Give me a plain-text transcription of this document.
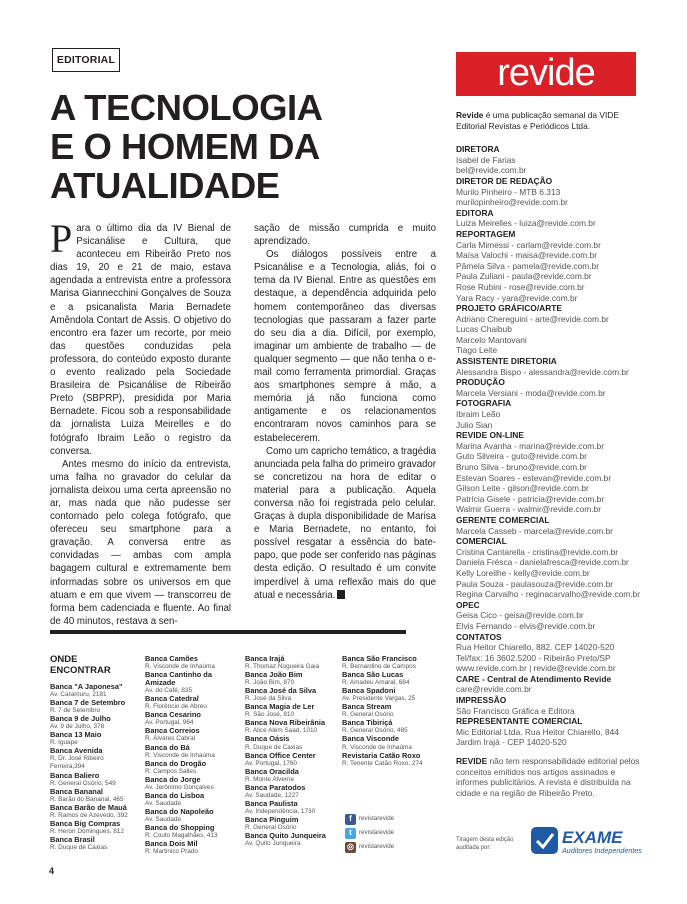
EDITORIAL
A TECNOLOGIA
E O HOMEM DA
ATUALIDADE

Para o último dia da IV Bienal de Psicanálise e Cultura, que aconteceu em Ribeirão Preto nos dias 19, 20 e 21 de maio, estava agendada a entrevista entre a professora Marisa Giannecchini Gonçalves de Souza e a psicanalista Maria Bernadete Amêndola Contart de Assis. O objetivo do encontro era fazer um recorte, por meio das questões conduzidas pela professora, do conteúdo exposto durante o evento realizado pela Sociedade Brasileira de Psicanálise de Ribeirão Preto (SBPRP), presidida por Maria Bernadete. Ficou sob a responsabilidade da jornalista Luiza Meirelles e do fotógrafo Ibraim Leão o registro da conversa.

Antes mesmo do início da entrevista, uma falha no gravador do celular da jornalista deixou uma certa apreensão no ar, mas nada que não pudesse ser contornado pelo colega fotógrafo, que ofereceu seu smartphone para a gravação. A conversa entre as convidadas — ambas com ampla bagagem cultural e extremamente bem informadas sobre os universos em que atuam e em que vivem — transcorreu de forma bem cadenciada e fluente. Ao final de 40 minutos, restava a sen-

sação de missão cumprida e muito aprendizado.

Os diálogos possíveis entre a Psicanálise e a Tecnologia, aliás, foi o tema da IV Bienal. Entre as questões em destaque, a dependência adquirida pelo homem contemporâneo das diversas tecnologias que passaram a fazer parte do seu dia a dia. Difícil, por exemplo, imaginar um ambiente de trabalho — de qualquer segmento — que não tenha o e-mail como ferramenta primordial. Graças aos smartphones sempre à mão, a memória já não funciona como antigamente e os relacionamentos encontraram novos caminhos para se estabelecerem.

Como um capricho temático, a tragédia anunciada pela falha do primeiro gravador se concretizou na hora de editar o material para a publicação. Aquela conversa não foi registrada pelo celular. Graças à dupla disponibilidade de Marisa e Maria Bernadete, no entanto, foi possível resgatar a essência do bate-papo, que pode ser conferido nas páginas desta edição. O resultado é um convite imperdível à uma reflexão mais do que atual e necessária.

ONDE ENCONTRAR
Banca "A Japonesa"
Av. Caramuru, 2181
Banca 7 de Setembro
R. 7 de Setembro
Banca 9 de Julho
Av. 9 de Julho, 378
Banca 13 Maio
R. Iguape
Banca Avenida
R. Dr. José Ribeiro Ferreira,394
Banca Baliero
R. General Osório, 549
Banca Bananal
R. Barão do Bananal, 465
Banca Barão de Mauá
R. Ramos de Azevedo, 392
Banca Big Compras
R. Heron Domingues, 812
Banca Brasil
R. Duque de Caxias
Banca Camões
R. Visconde de Inhaúma
Banca Cantinho da Amizade
Av. do Café, 835
Banca Catedral
R. Florêncio de Abreu
Banca Cesarino
Av. Portugal, 964
Banca Correios
R. Álvares Cabral
Banca do Bá
R. Visconde de Inhaúma
Banca do Drogão
R. Campos Salles
Banca do Jorge
Av. Jerônimo Gonçalves
Banca do Lisboa
Av. Saudade
Banca do Napoleão
Av. Saudade
Banca do Shopping
R. Couto Magalhães, 413
Banca Dois Mil
R. Martinico Prado
Banca Irajá
R. Thomaz Nogueira Gaia
Banca João Bim
R. João Bim, 870
Banca José da Silva
R. José da Silva
Banca Magia de Ler
R. São José, 810
Banca Nova Ribeirânia
R. Alice Além Saad, 1010
Banca Oásis
R. Duque de Caxias
Banca Office Center
Av. Portugal, 1760
Banca Oracilda
R. Monte Alverne
Banca Paratodos
Av. Saudade, 1227
Banca Paulista
Av. Independência, 1730
Banca Pinguim
R. General Osório
Banca Quito Junqueira
Av. Quito Junqueira
Banca São Francisco
R. Bernardino de Campos
Banca São Lucas
R. Amadeu Amaral, 684
Banca Spadoni
Av. Presidente Vargas, 25
Banca Stream
R. General Osório
Banca Tibiriçá
R. General Osório, 485
Banca Visconde
R. Visconde de Inhaúma
Revistaria Catão Roxo
R. Tenente Catão Roxo, 274
f	revistarevide
t	revistarevide
◎ revistarevide
revide
Revide é uma publicação semanal da VIDE Editorial Revistas e Periódicos Ltda.
DIRETORA
Isabel de Farias
bel@revide.com.br
DIRETOR DE REDAÇÃO
Murilo Pinheiro - MTB 6.313
murilopinheiro@revide.com.br
EDITORA
Luiza Meirelles - luiza@revide.com.br
REPORTAGEM
Carla Mimessi - carlam@revide.com.br
Maísa Valochi - maisa@revide.com.br
Pâmela Silva - pamela@revide.com.br
Paula Zuliani - paula@revide.com.br
Rose Rubini - rose@revide.com.br
Yara Racy - yara@revide.com.br
PROJETO GRÁFICO/ARTE
Adriano Chereguini - arte@revide.com.br
Lucas Chaibub
Marcelo Mantovani
Tiago Leite
ASSISTENTE DIRETORIA
Alessandra Bispo - alessandra@revide.com.br
PRODUÇÃO
Marcela Versiani - moda@revide.com.br
FOTOGRAFIA
Ibraim Leão
Julio Sian
REVIDE ON-LINE
Marina Avanha - marina@revide.com.br
Guto Silveira - guto@revide.com.br
Bruno Silva - bruno@revide.com.br
Estevan Soares - estevan@revide.com.br
Gilson Leite - gilson@revide.com.br
Patrícia Gisele - patricia@revide.com.br
Walmir Guerra - walmir@revide.com.br
GERENTE COMERCIAL
Marcela Casseb - marcela@revide.com.br
COMERCIAL
Cristina Cantarella - cristina@revide.com.br
Daniela Frésca - danielafresca@revide.com.br
Kelly Loreilhe - kelly@revide.com.br
Paula Souza - paulasouza@revide.com.br
Regina Carvalho - reginacarvalho@revide.com.br
OPEC
Geisa Cico - geisa@revide.com.br
Elvis Fernando - elvis@revide.com.br
CONTATOS
Rua Heitor Chiarello, 882. CEP 14020-520
Tel/fax: 16 3602.5200 - Ribeirão Preto/SP
www.revide.com.br | revide@revide.com.br
CARE - Central de Atendimento Revide
care@revide.com.br
IMPRESSÃO
São Francisco Gráfica e Editora
REPRESENTANTE COMERCIAL
Mic Editorial Ltda. Rua Heitor Chiarello, 844
Jardim Irajá - CEP 14020-520
REVIDE não tem responsabilidade editorial pelos conceitos emitidos nos artigos assinados e informes publicitários. A revista é distribuída na cidade e na região de Ribeirão Preto.
Tiragem desta edição auditada por:
EXAME
Auditores Independentes
4
